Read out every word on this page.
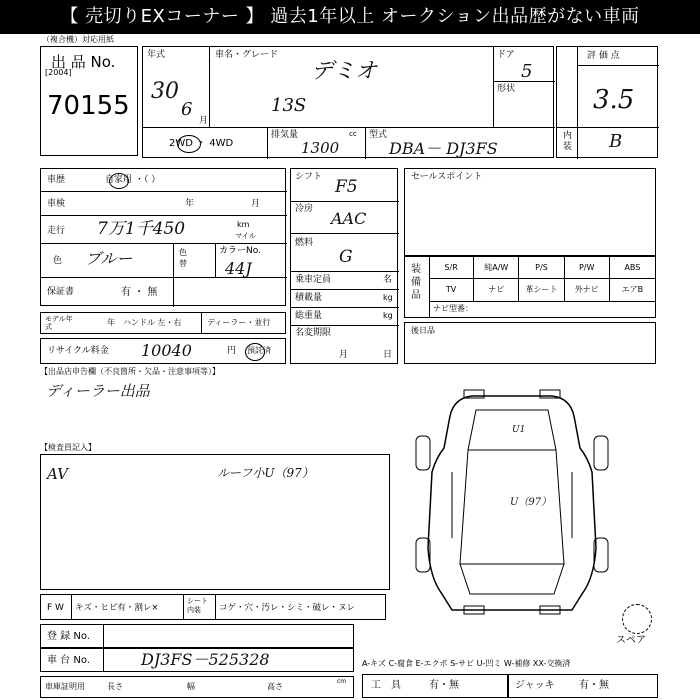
【 売切りEXコーナー 】 過去1年以上 オークション出品歴がない車両
（複合機）対応用紙
出 品 No.
[2004]
70155
年式
30
6
月
車名・グレード
デミオ
13S
ドア
5
形状
2WD ・ 4WD
排気量	cc
1300
型式
DBA－ DJ3FS
評 価 点
3.5
内装 B
車歴	自家用 ・（ ）
車検	年	月
走行 7万1千450	km
マイル
色 ブルー	色替
カラーNo.
44J
保証書	有 ・ 無
モデル年式	年 ハンドル 左・右	ディーラー・並行
リサイクル料金 10040	円 預託済
シフト F5
冷房 AAC
燃料
G
乗車定員	名
積載量	kg
総重量	kg
名変期限
月	日
セールスポイント
装備品
S/R	純A/W	P/S	P/W	ABS
TV	ナビ	革シート	外ナビ	エアB
ナビ型番：
後日品
【出品店申告欄（不良箇所・欠品・注意事項等）】
ディーラー出品
【検査員記入】
AV	ルーフ小U（97）
U1
U（97）
スペア
F W キズ・ヒビ有・割レ×
シート内装	コゲ・穴・汚レ・シミ・破レ・ヌレ
登 録 No.
車 台 No.	DJ3FS－525328	A-キズ C-腐食 E-エクボ S-サビ U-凹ミ W-補修 XX-交換済
車庫証明用	長さ	幅	高さ
cm 工　具	有・無	ジャッキ 有・無
